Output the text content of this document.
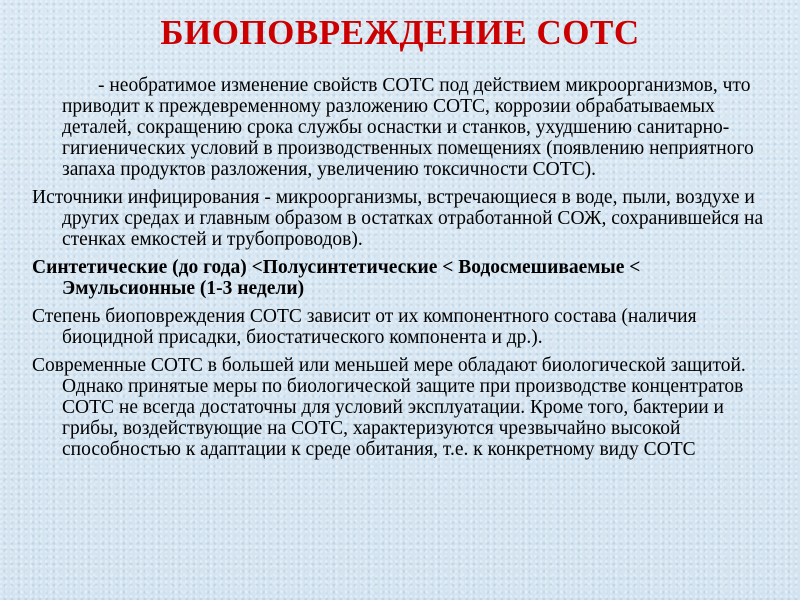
БИОПОВРЕЖДЕНИЕ СОТС

- необратимое изменение свойств СОТС под действием микроорганизмов, что приводит к преждевременному разложению СОТС, коррозии обрабатываемых деталей, сокращению срока службы оснастки и станков, ухудшению санитарно-гигиенических условий в производственных помещениях (появлению неприятного запаха продуктов разложения, увеличению токсичности СОТС).

Источники инфицирования - микроорганизмы, встречающиеся в воде, пыли, воздухе и других средах и главным образом в остатках отработанной СОЖ, сохранившейся на стенках емкостей и трубопроводов).

Синтетические (до года) <Полусинтетические < Водосмешиваемые < Эмульсионные (1-3 недели)

Степень биоповреждения СОТС зависит от их компонентного состава (наличия биоцидной присадки, биостатического компонента и др.).

Современные СОТС в большей или меньшей мере обладают биологической защитой. Однако принятые меры по биологической защите при производстве концентратов СОТС не всегда достаточны для условий эксплуатации. Кроме того, бактерии и грибы, воздействующие на СОТС, характеризуются чрезвычайно высокой способностью к адаптации к среде обитания, т.е. к конкретному виду СОТС
